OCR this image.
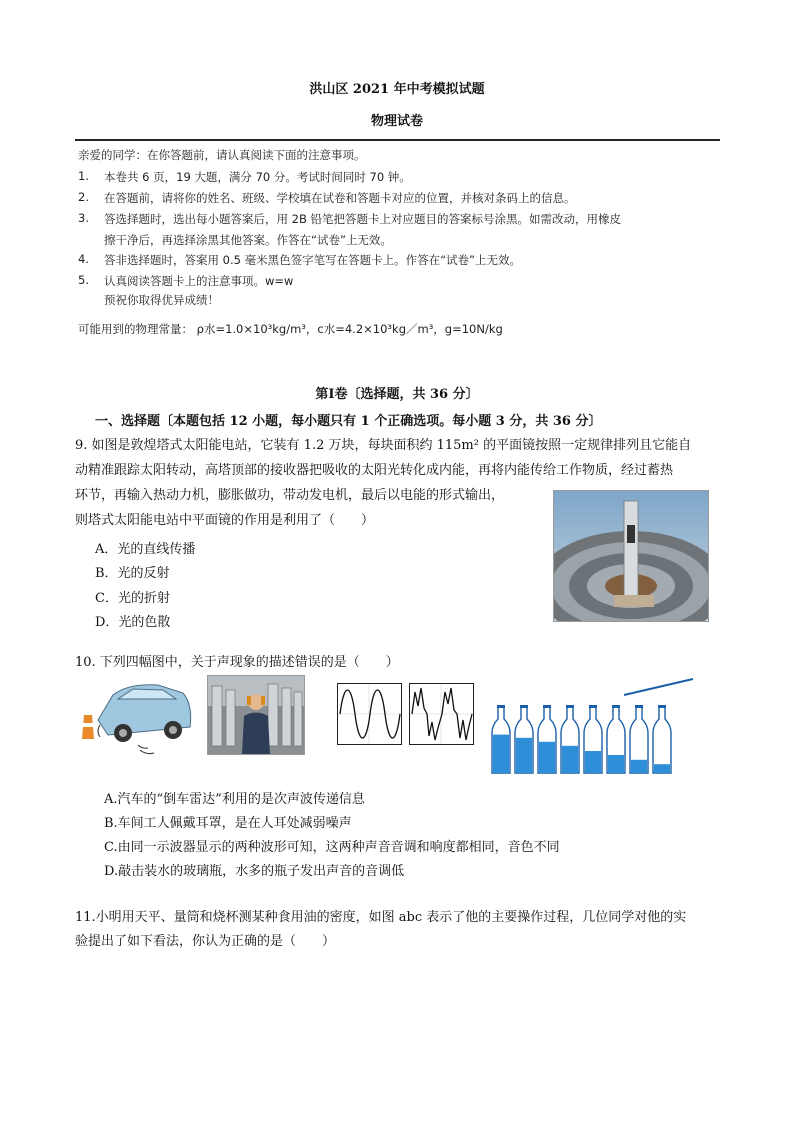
洪山区 2021 年中考模拟试题
物理试卷
亲爱的同学：在你答题前，请认真阅读下面的注意事项。
1. 本卷共 6 页，19 大题，满分 70 分。考试时间同时 70 钟。
2. 在答题前，请将你的姓名、班级、学校填在试卷和答题卡对应的位置，并核对条码上的信息。
3. 答选择题时，选出每小题答案后，用 2B 铅笔把答题卡上对应题目的答案标号涂黑。如需改动，用橡皮
擦干净后，再选择涂黑其他答案。作答在“试卷”上无效。
4. 答非选择题时，答案用 0.5 毫米黑色签字笔写在答题卡上。作答在“试卷”上无效。
5. 认真阅读答题卡上的注意事项。w=w
预祝你取得优异成绩！
可能用到的物理常量： ρ水=1.0×10³kg/m³，c水=4.2×10³kg／m³，g=10N/kg
第Ⅰ卷〔选择题，共 36 分〕
一、选择题〔本题包括 12 小题，每小题只有 1 个正确选项。每小题 3 分，共 36 分〕
9. 如图是敦煌塔式太阳能电站，它装有 1.2 万块，每块面积约 115m² 的平面镜按照一定规律排列且它能自
动精准跟踪太阳转动，高塔顶部的接收器把吸收的太阳光转化成内能，再将内能传给工作物质，经过蓄热
环节，再输入热动力机，膨胀做功，带动发电机，最后以电能的形式输出，
则塔式太阳能电站中平面镜的作用是利用了（　　）
A．光的直线传播
B．光的反射
C．光的折射
D．光的色散
10. 下列四幅图中，关于声现象的描述错误的是（　　）
A.汽车的“倒车雷达”利用的是次声波传递信息
B.车间工人佩戴耳罩，是在人耳处减弱噪声
C.由同一示波器显示的两种波形可知，这两种声音音调和响度都相同，音色不同
D.敲击装水的玻璃瓶，水多的瓶子发出声音的音调低
11.小明用天平、量筒和烧杯测某种食用油的密度，如图 abc 表示了他的主要操作过程，几位同学对他的实
验提出了如下看法，你认为正确的是（　　）
